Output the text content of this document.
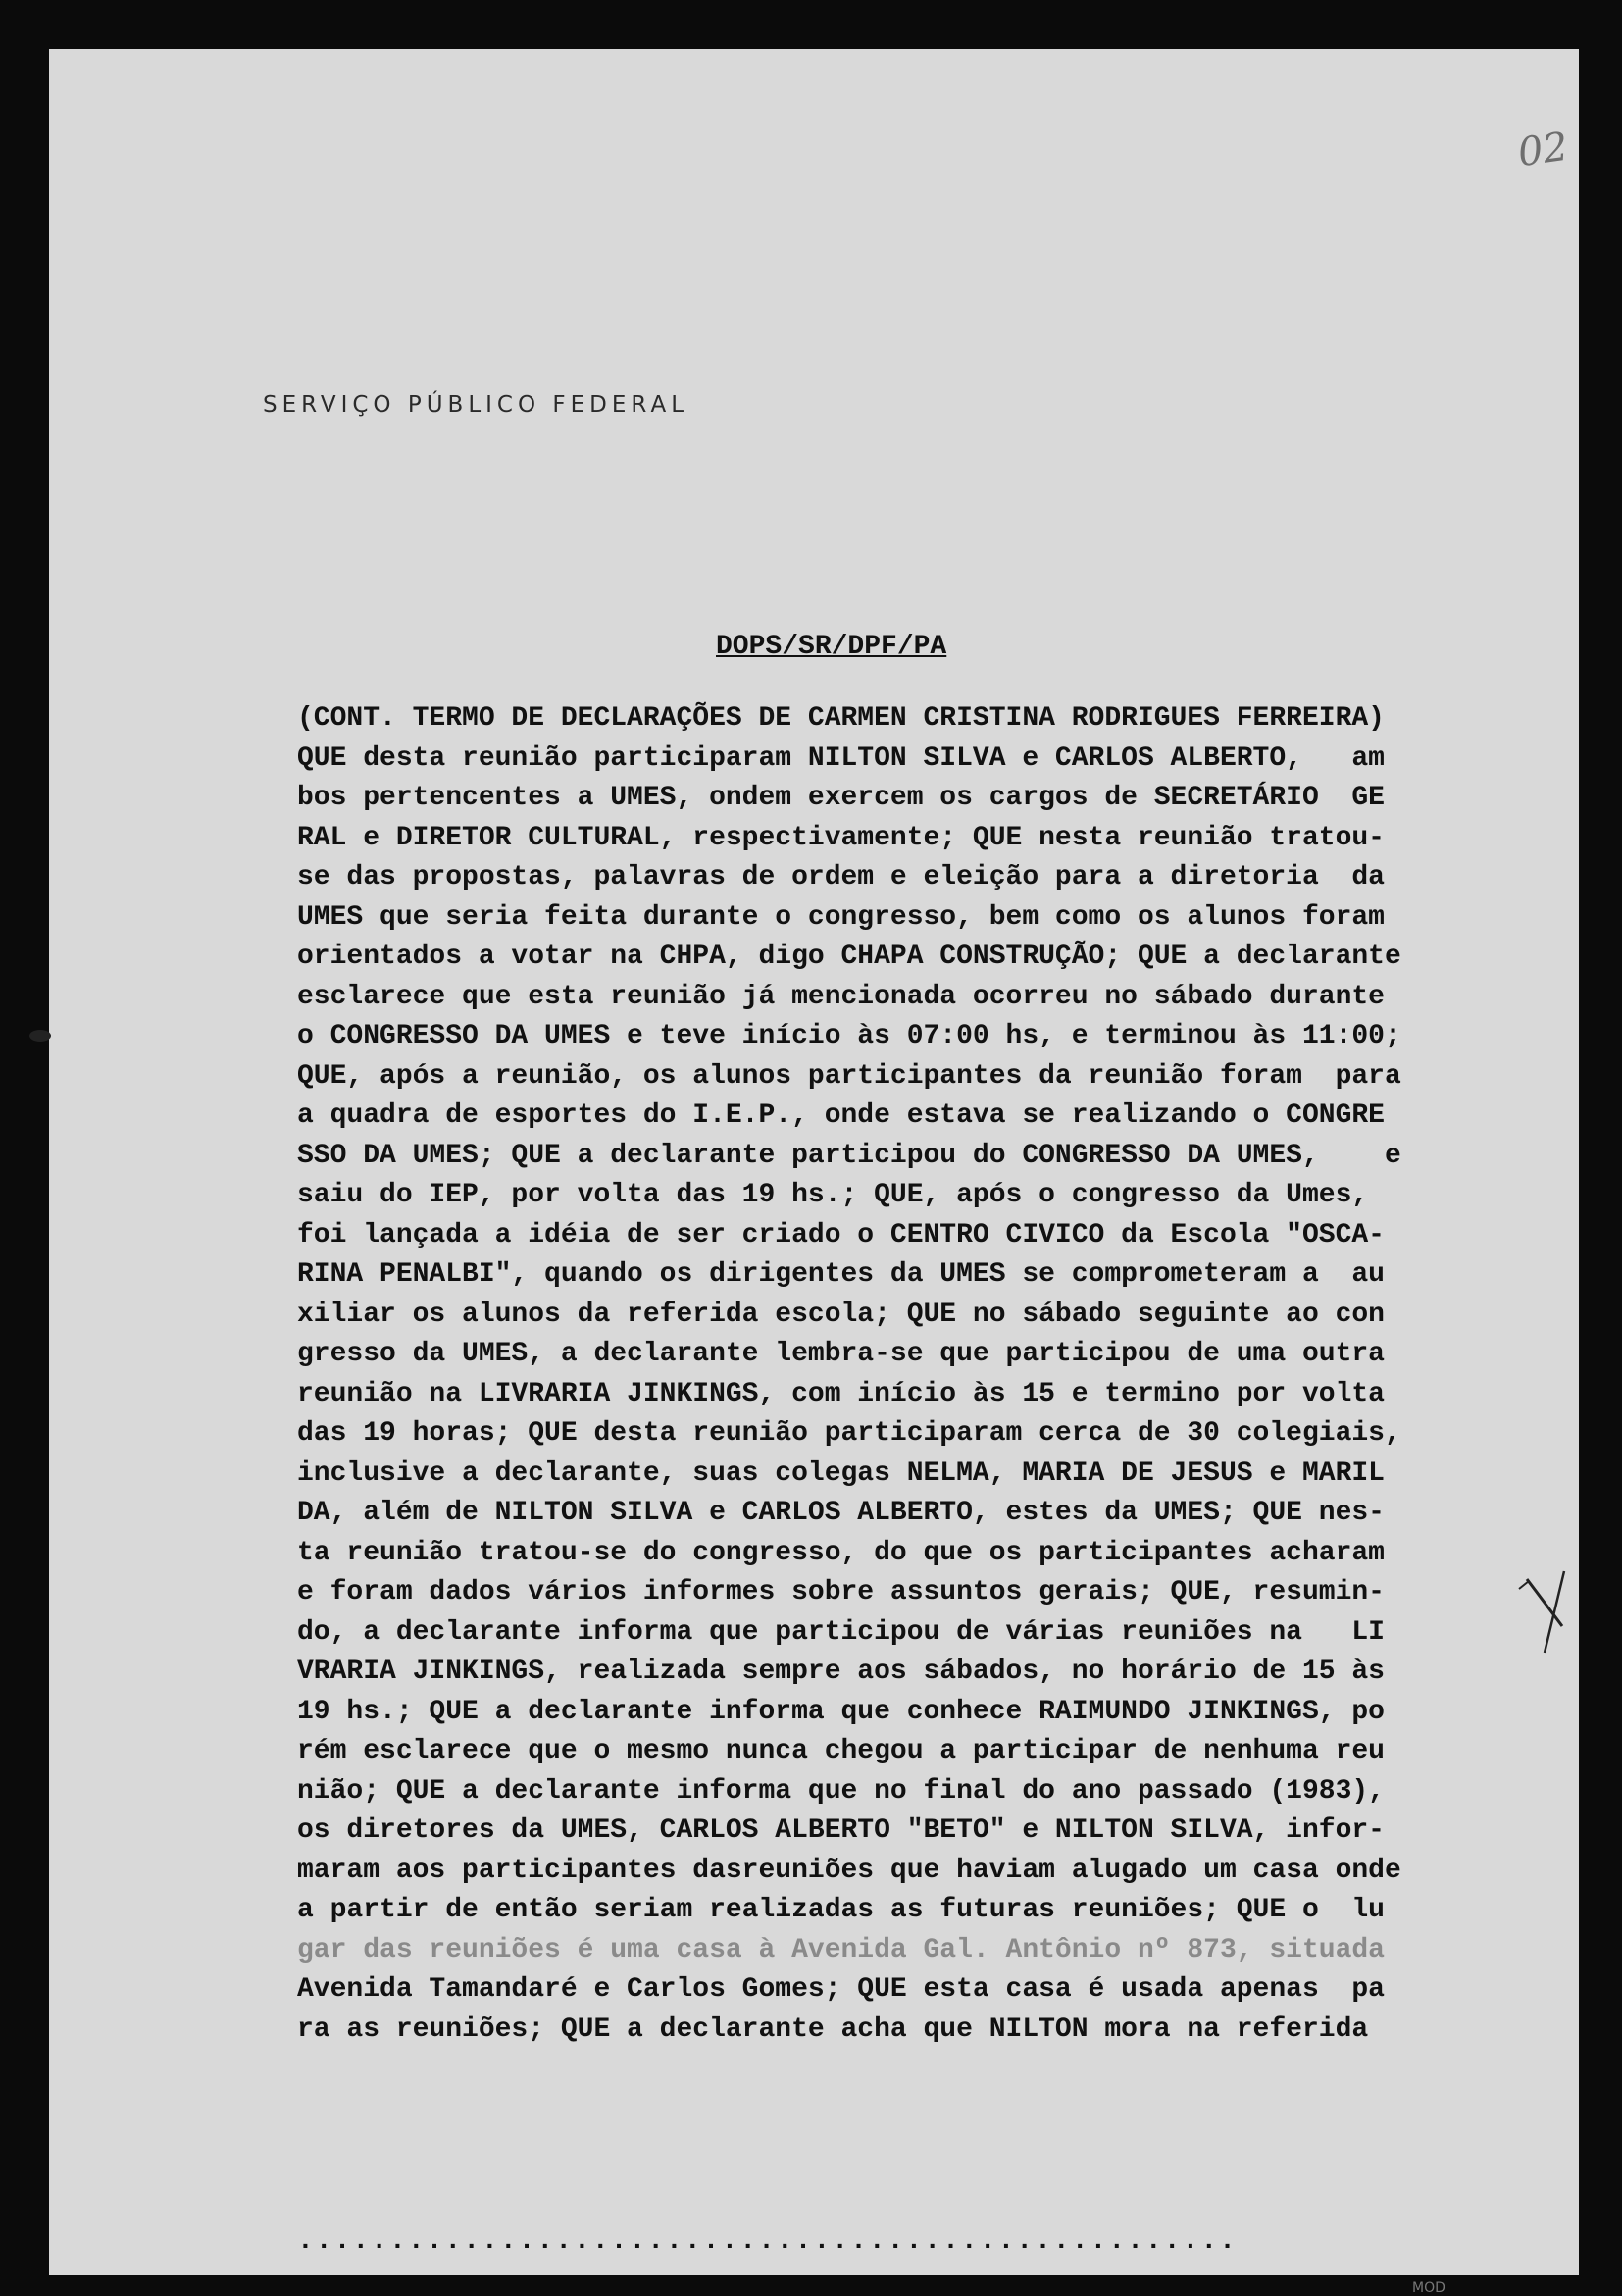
02
SERVIÇO PÚBLICO FEDERAL
DOPS/SR/DPF/PA
(CONT. TERMO DE DECLARAÇÕES DE CARMEN CRISTINA RODRIGUES FERREIRA)
QUE desta reunião participaram NILTON SILVA e CARLOS ALBERTO,   am
bos pertencentes a UMES, ondem exercem os cargos de SECRETÁRIO  GE
RAL e DIRETOR CULTURAL, respectivamente; QUE nesta reunião tratou-
se das propostas, palavras de ordem e eleição para a diretoria  da
UMES que seria feita durante o congresso, bem como os alunos foram
orientados a votar na CHPA, digo CHAPA CONSTRUÇÃO; QUE a declarante
esclarece que esta reunião já mencionada ocorreu no sábado durante
o CONGRESSO DA UMES e teve início às 07:00 hs, e terminou às 11:00;
QUE, após a reunião, os alunos participantes da reunião foram  para
a quadra de esportes do I.E.P., onde estava se realizando o CONGRE
SSO DA UMES; QUE a declarante participou do CONGRESSO DA UMES,    e
saiu do IEP, por volta das 19 hs.; QUE, após o congresso da Umes,
foi lançada a idéia de ser criado o CENTRO CIVICO da Escola "OSCA-
RINA PENALBI", quando os dirigentes da UMES se comprometeram a  au
xiliar os alunos da referida escola; QUE no sábado seguinte ao con
gresso da UMES, a declarante lembra-se que participou de uma outra
reunião na LIVRARIA JINKINGS, com início às 15 e termino por volta
das 19 horas; QUE desta reunião participaram cerca de 30 colegiais,
inclusive a declarante, suas colegas NELMA, MARIA DE JESUS e MARIL
DA, além de NILTON SILVA e CARLOS ALBERTO, estes da UMES; QUE nes-
ta reunião tratou-se do congresso, do que os participantes acharam
e foram dados vários informes sobre assuntos gerais; QUE, resumin-
do, a declarante informa que participou de várias reuniões na   LI
VRARIA JINKINGS, realizada sempre aos sábados, no horário de 15 às
19 hs.; QUE a declarante informa que conhece RAIMUNDO JINKINGS, po
rém esclarece que o mesmo nunca chegou a participar de nenhuma reu
nião; QUE a declarante informa que no final do ano passado (1983),
os diretores da UMES, CARLOS ALBERTO "BETO" e NILTON SILVA, infor-
maram aos participantes dasreuniões que haviam alugado um casa onde
a partir de então seriam realizadas as futuras reuniões; QUE o  lu
gar das reuniões é uma casa à Avenida Gal. Antônio nº 873, situada
Avenida Tamandaré e Carlos Gomes; QUE esta casa é usada apenas  pa
ra as reuniões; QUE a declarante acha que NILTON mora na referida
...................................................
MOD
